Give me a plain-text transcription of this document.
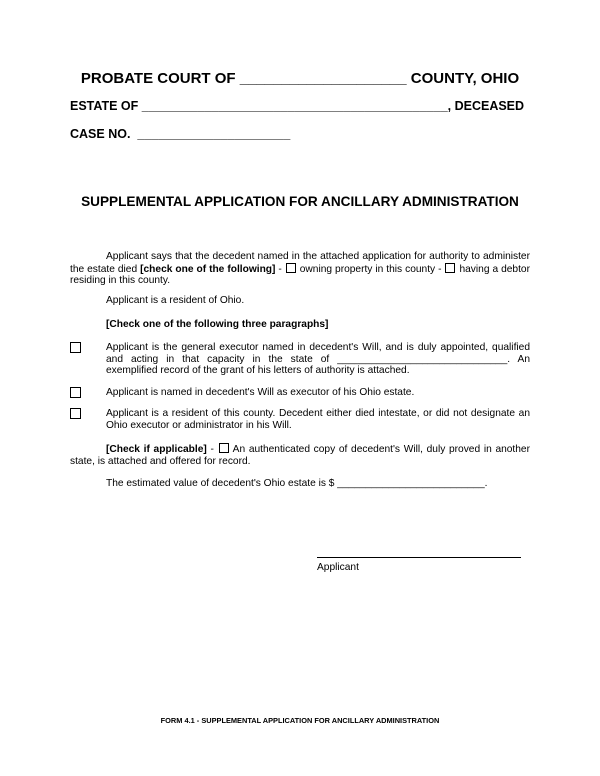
PROBATE COURT OF ____________________ COUNTY, OHIO
ESTATE OF ____________________________________________, DECEASED
CASE NO.  ______________________
SUPPLEMENTAL APPLICATION FOR ANCILLARY ADMINISTRATION
Applicant says that the decedent named in the attached application for authority to administer the estate died [check one of the following] -  owning property in this county -  having a debtor residing in this county.
Applicant is a resident of Ohio.
[Check one of the following three paragraphs]
Applicant is the general executor named in decedent's Will, and is duly appointed, qualified and acting in that capacity in the state of ______________________________. An exemplified record of the grant of his letters of authority is attached.
Applicant is named in decedent's Will as executor of his Ohio estate.
Applicant is a resident of this county. Decedent either died intestate, or did not designate an Ohio executor or administrator in his Will.
[Check if applicable] -  An authenticated copy of decedent's Will, duly proved in another state, is attached and offered for record.
The estimated value of decedent's Ohio estate is $ __________________________.
Applicant
FORM 4.1 - SUPPLEMENTAL APPLICATION FOR ANCILLARY ADMINISTRATION
